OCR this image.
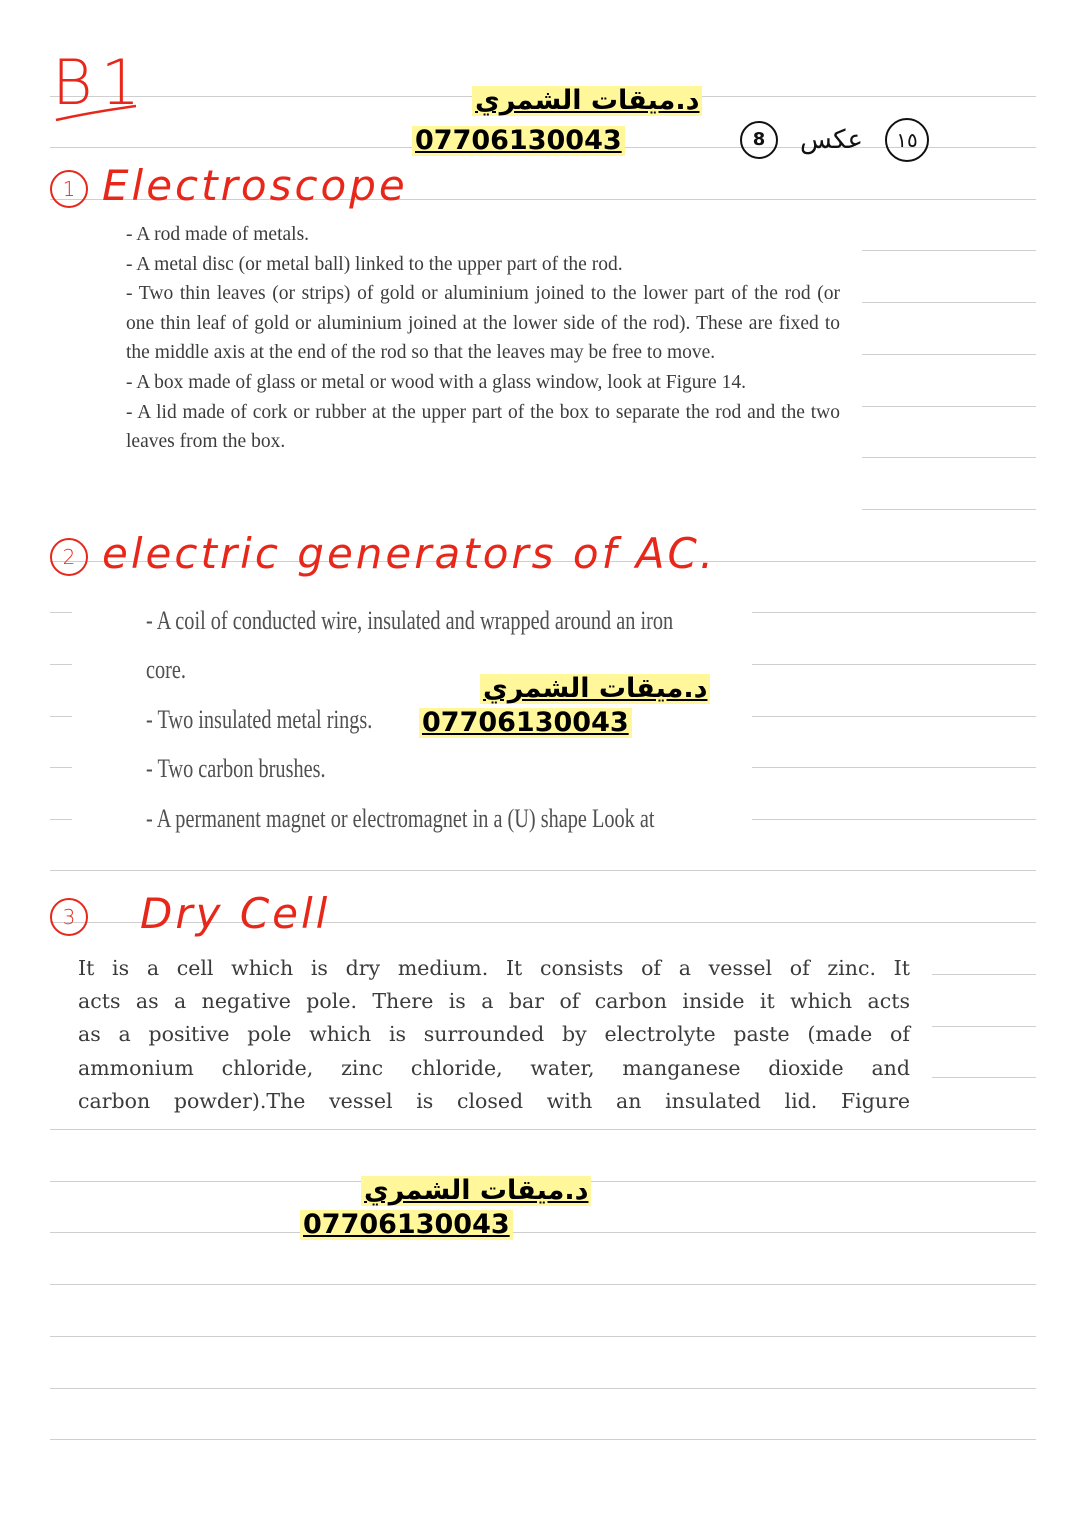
B1	د.ميقات الشمري
07706130043	8 عكس ١٥
1 Electroscope

- A rod made of metals.

- A metal disc (or metal ball) linked to the upper part of the rod.

- Two thin leaves (or strips) of gold or aluminium joined to the lower part of the rod (or one thin leaf of gold or aluminium joined at the lower side of the rod). These are fixed to the middle axis at the end of the rod so that the leaves may be free to move.

- A box made of glass or metal or wood with a glass window, look at Figure 14.

- A lid made of cork or rubber at the upper part of the box to separate the rod and the two leaves from the box.

2 electric generators of AC.

- A coil of conducted wire, insulated and wrapped around an iron

core.

- Two insulated metal rings.

- Two carbon brushes.

- A permanent magnet or electromagnet in a (U) shape Look at

د.ميقات الشمري
07706130043
3 Dry Cell

It is a cell which is dry medium. It consists of a vessel of zinc. It

acts as a negative pole. There is a bar of carbon inside it which acts

as a positive pole which is surrounded by electrolyte paste (made of

ammonium chloride, zinc chloride, water, manganese dioxide and

carbon powder).The vessel is closed with an insulated lid. Figure

د.ميقات الشمري
07706130043
